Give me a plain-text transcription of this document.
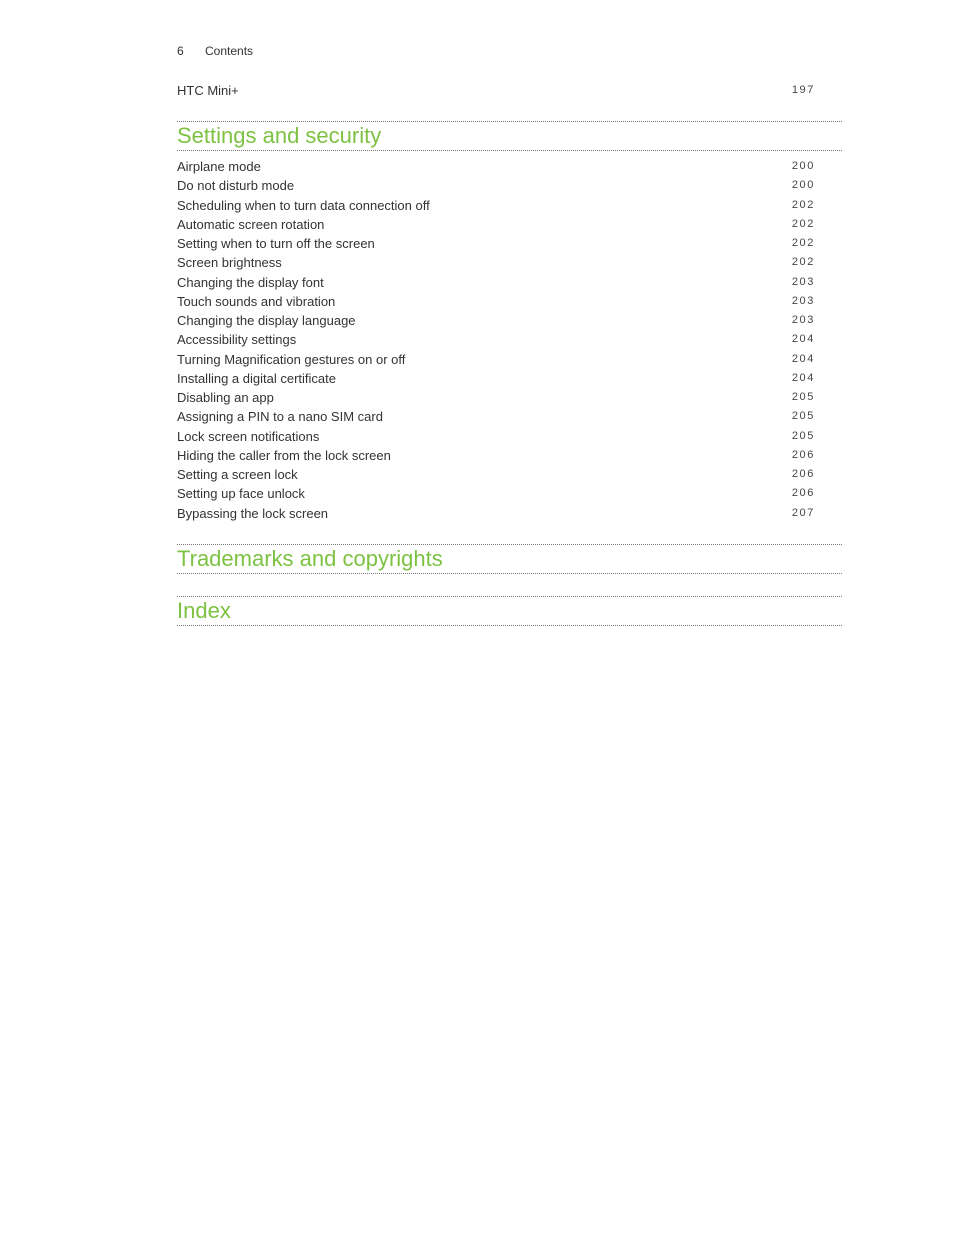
6 Contents
HTC Mini+	197
Settings and security
Airplane mode	200
Do not disturb mode	200
Scheduling when to turn data connection off	202
Automatic screen rotation	202
Setting when to turn off the screen	202
Screen brightness	202
Changing the display font	203
Touch sounds and vibration	203
Changing the display language	203
Accessibility settings	204
Turning Magnification gestures on or off	204
Installing a digital certificate	204
Disabling an app	205
Assigning a PIN to a nano SIM card	205
Lock screen notifications	205
Hiding the caller from the lock screen	206
Setting a screen lock	206
Setting up face unlock	206
Bypassing the lock screen	207
Trademarks and copyrights
Index
